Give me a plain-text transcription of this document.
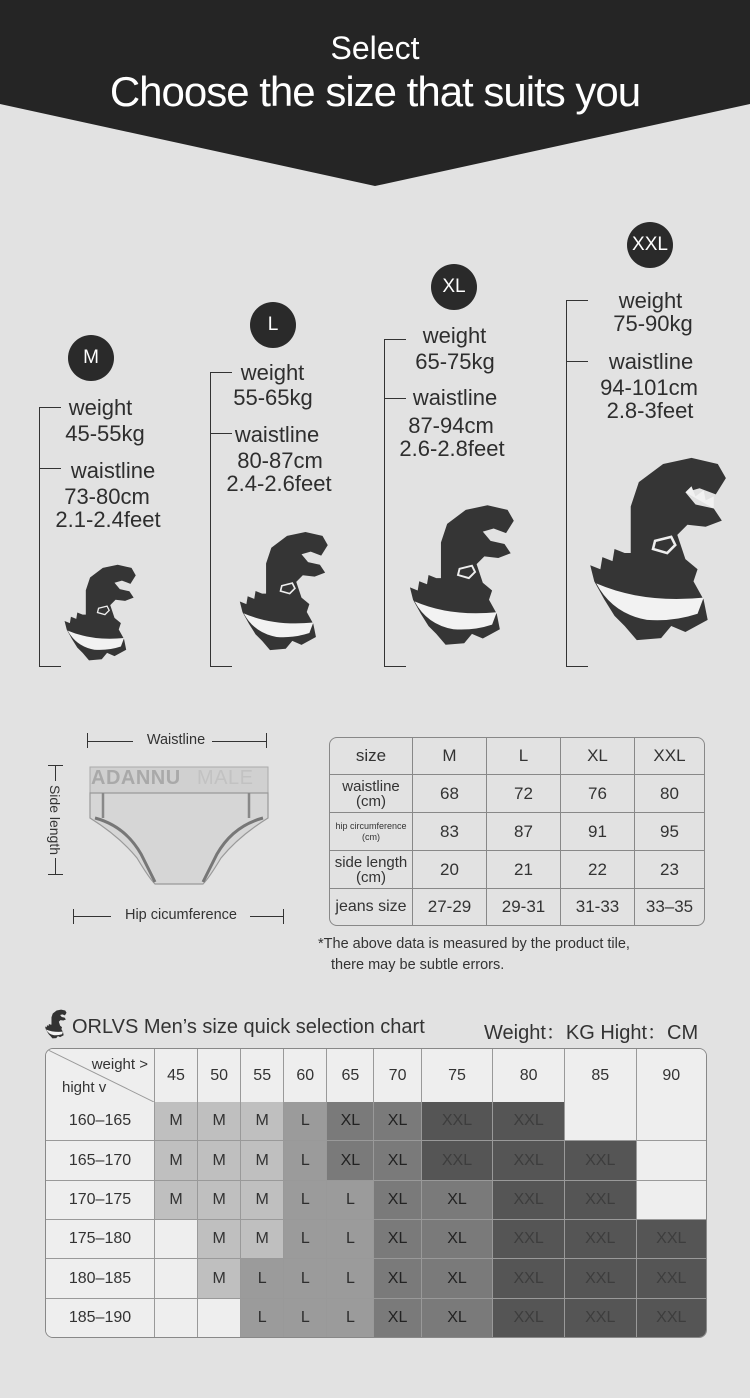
Select
Choose the size that suits you
M
weight
45-55kg
waistline
73-80cm
2.1-2.4feet
L
weight
55-65kg
waistline
80-87cm
2.4-2.6feet
XL
weight
65-75kg
waistline
87-94cm
2.6-2.8feet
XXL
weight
75-90kg
waistline
94-101cm
2.8-3feet
Waistline
Side length
ADANNU MALE
Hip cicumference
size	M	L	XL	XXL
waistline
(cm)	68	72	76	80
hip circumference
(cm)	83	87	91	95
side length
(cm)	20	21	22	23
jeans size	27-29	29-31	31-33	33–35
*The above data is measured by the product tile,
there may be subtle errors.
ORLVS Men’s size quick selection chart	Weight：KG Hight：CM
weight >
hight v	45	50	55	60	65	70	75	80	85	90
160–165	M	M	M	L	XL	XL	XXL	XXL		
165–170	M	M	M	L	XL	XL	XXL	XXL	XXL	
170–175	M	M	M	L	L	XL	XL	XXL	XXL	
175–180		M	M	L	L	XL	XL	XXL	XXL	XXL
180–185		M	L	L	L	XL	XL	XXL	XXL	XXL
185–190			L	L	L	XL	XL	XXL	XXL	XXL
